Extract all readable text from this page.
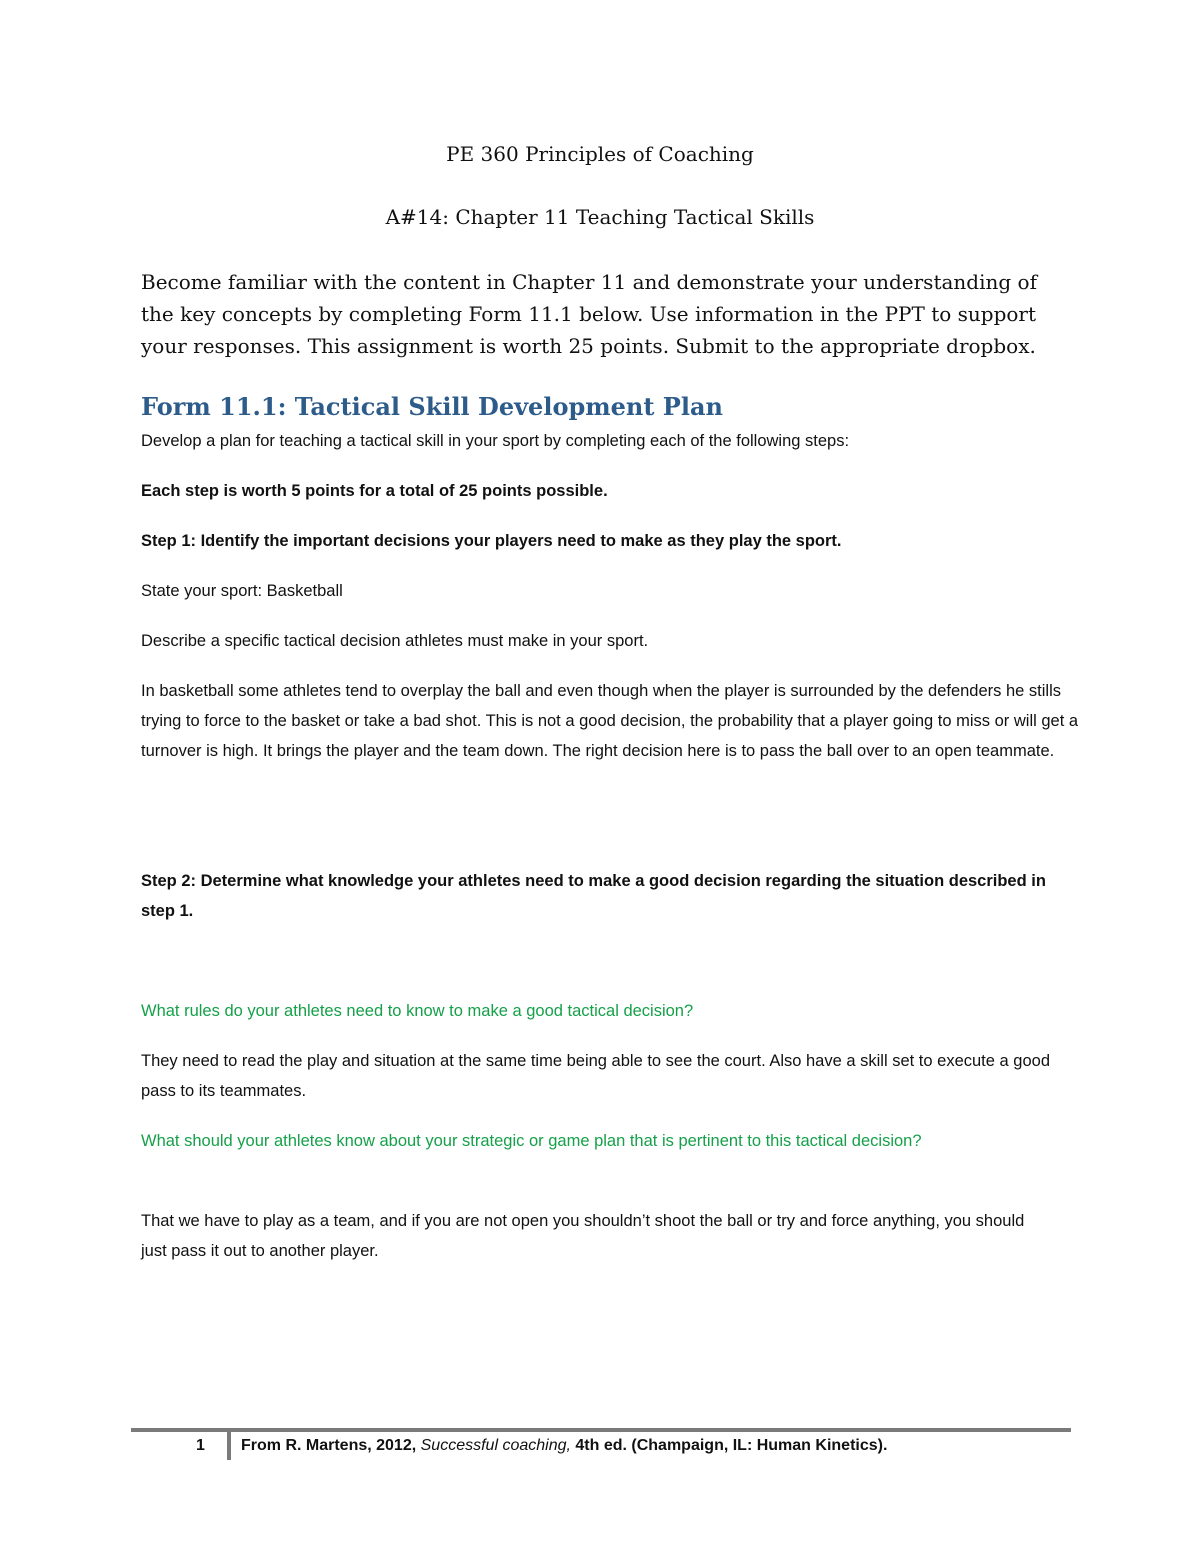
PE 360 Principles of Coaching
A#14: Chapter 11 Teaching Tactical Skills
Become familiar with the content in Chapter 11 and demonstrate your understanding of the key concepts by completing Form 11.1 below. Use information in the PPT to support your responses. This assignment is worth 25 points. Submit to the appropriate dropbox.
Form 11.1: Tactical Skill Development Plan
Develop a plan for teaching a tactical skill in your sport by completing each of the following steps:
Each step is worth 5 points for a total of 25 points possible.
Step 1: Identify the important decisions your players need to make as they play the sport.
State your sport: Basketball
Describe a specific tactical decision athletes must make in your sport.
In basketball some athletes tend to overplay the ball and even though when the player is surrounded by the defenders he stills trying to force to the basket or take a bad shot. This is not a good decision, the probability that a player going to miss or will get a turnover is high. It brings the player and the team down. The right decision here is to pass the ball over to an open teammate.
Step 2: Determine what knowledge your athletes need to make a good decision regarding the situation described in step 1.
What rules do your athletes need to know to make a good tactical decision?
They need to read the play and situation at the same time being able to see the court. Also have a skill set to execute a good pass to its teammates.
What should your athletes know about your strategic or game plan that is pertinent to this tactical decision?
That we have to play as a team, and if you are not open you shouldn’t shoot the ball or try and force anything, you should just pass it out to another player.
1 From R. Martens, 2012, Successful coaching, 4th ed. (Champaign, IL: Human Kinetics).
